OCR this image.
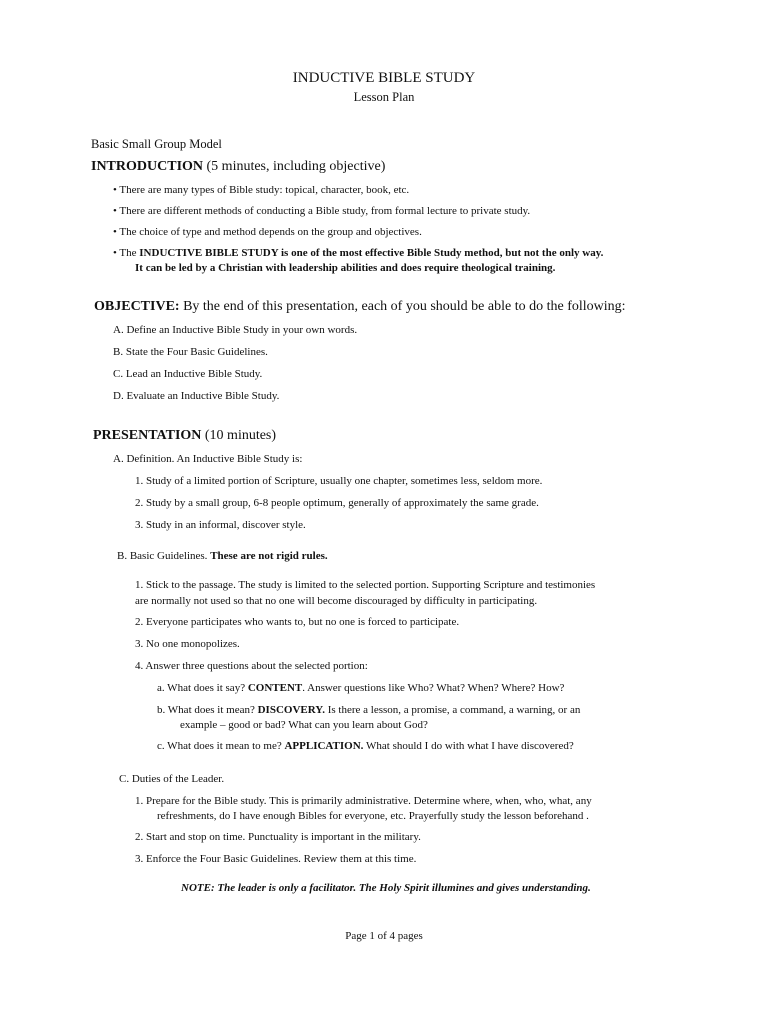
INDUCTIVE BIBLE STUDY
Lesson Plan
Basic Small Group Model
INTRODUCTION (5 minutes, including objective)
• There are many types of Bible study: topical, character, book, etc.
• There are different methods of conducting a Bible study, from formal lecture to private study.
• The choice of type and method depends on the group and objectives.
• The INDUCTIVE BIBLE STUDY is one of the most effective Bible Study method, but not the only way.
It can be led by a Christian with leadership abilities and does require theological training.
OBJECTIVE: By the end of this presentation, each of you should be able to do the following:
A. Define an Inductive Bible Study in your own words.
B. State the Four Basic Guidelines.
C. Lead an Inductive Bible Study.
D. Evaluate an Inductive Bible Study.
PRESENTATION (10 minutes)
A. Definition. An Inductive Bible Study is:
1. Study of a limited portion of Scripture, usually one chapter, sometimes less, seldom more.
2. Study by a small group, 6-8 people optimum, generally of approximately the same grade.
3. Study in an informal, discover style.
B. Basic Guidelines. These are not rigid rules.
1. Stick to the passage. The study is limited to the selected portion. Supporting Scripture and testimonies
are normally not used so that no one will become discouraged by difficulty in participating.
2. Everyone participates who wants to, but no one is forced to participate.
3. No one monopolizes.
4. Answer three questions about the selected portion:
a. What does it say? CONTENT. Answer questions like Who? What? When? Where? How?
b. What does it mean? DISCOVERY. Is there a lesson, a promise, a command, a warning, or an
example – good or bad? What can you learn about God?
c. What does it mean to me? APPLICATION. What should I do with what I have discovered?
C. Duties of the Leader.
1. Prepare for the Bible study. This is primarily administrative. Determine where, when, who, what, any
refreshments, do I have enough Bibles for everyone, etc. Prayerfully study the lesson beforehand .
2. Start and stop on time. Punctuality is important in the military.
3. Enforce the Four Basic Guidelines. Review them at this time.
NOTE: The leader is only a facilitator. The Holy Spirit illumines and gives understanding.
Page 1 of 4 pages
